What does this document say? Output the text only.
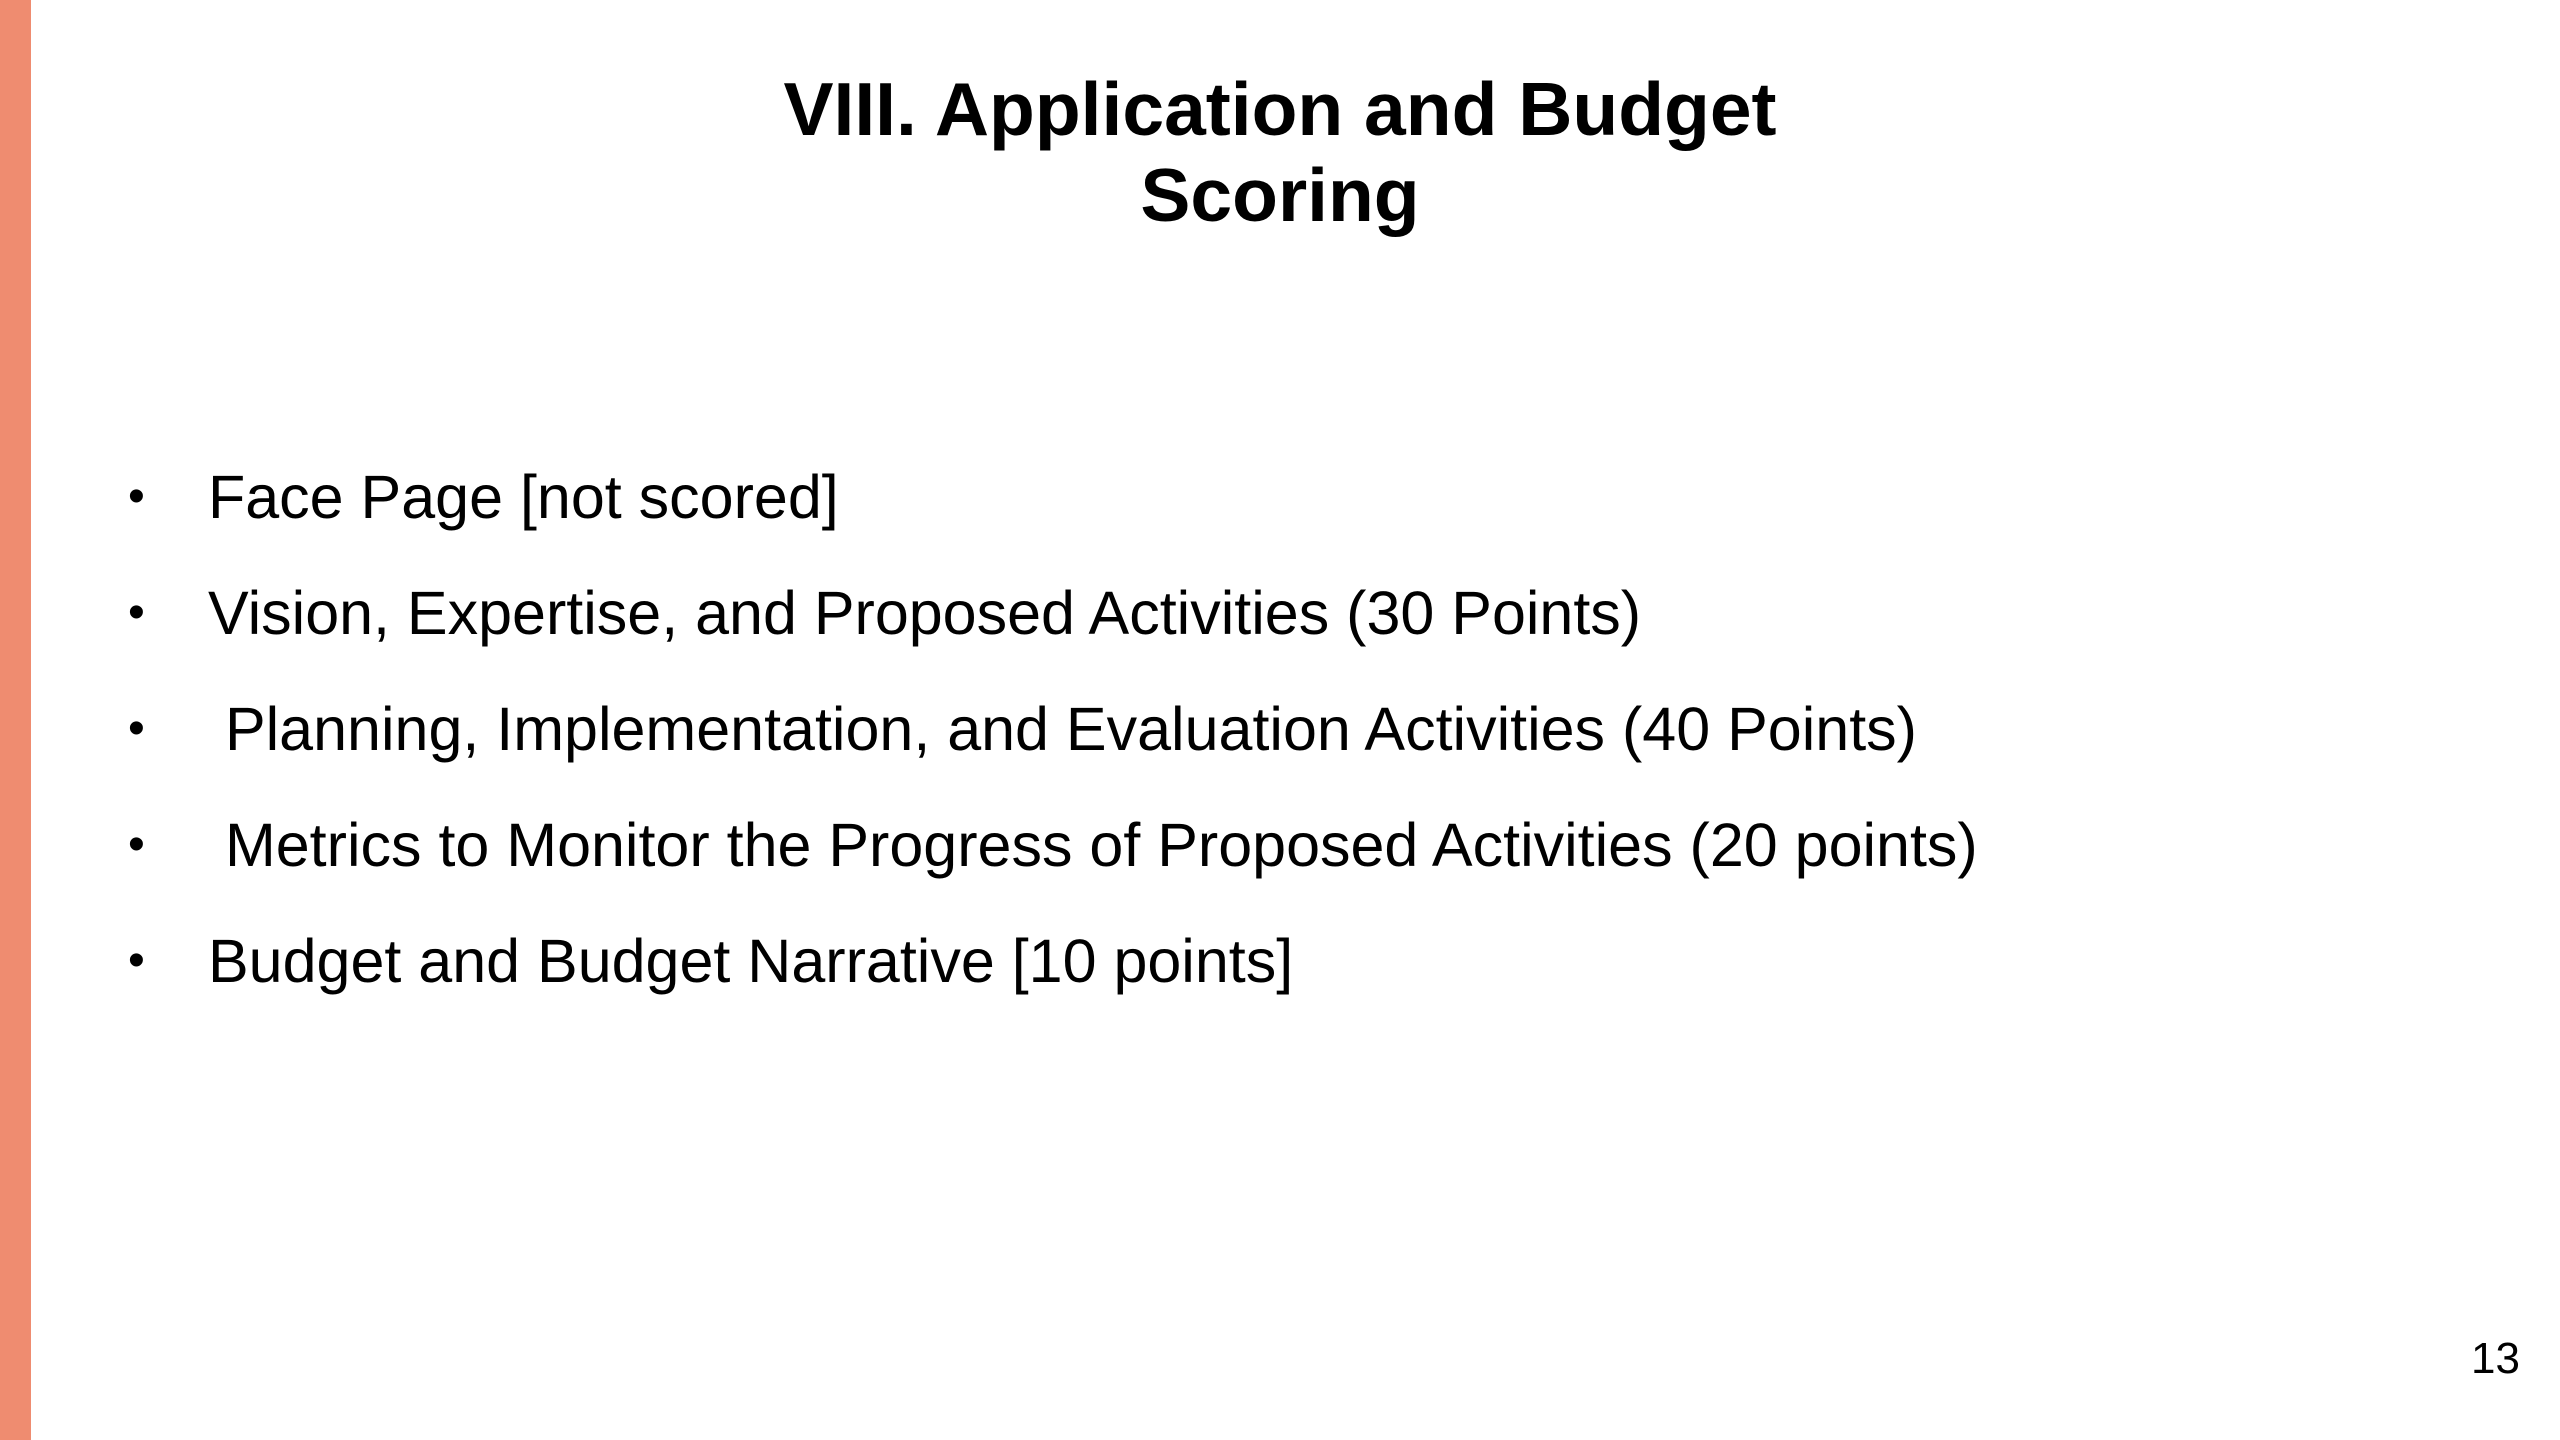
VIII. Application and Budget
Scoring
• Face Page [not scored]
• Vision, Expertise, and Proposed Activities (30 Points)
• Planning, Implementation, and Evaluation Activities (40 Points)
• Metrics to Monitor the Progress of Proposed Activities (20 points)
• Budget and Budget Narrative [10 points]
13
